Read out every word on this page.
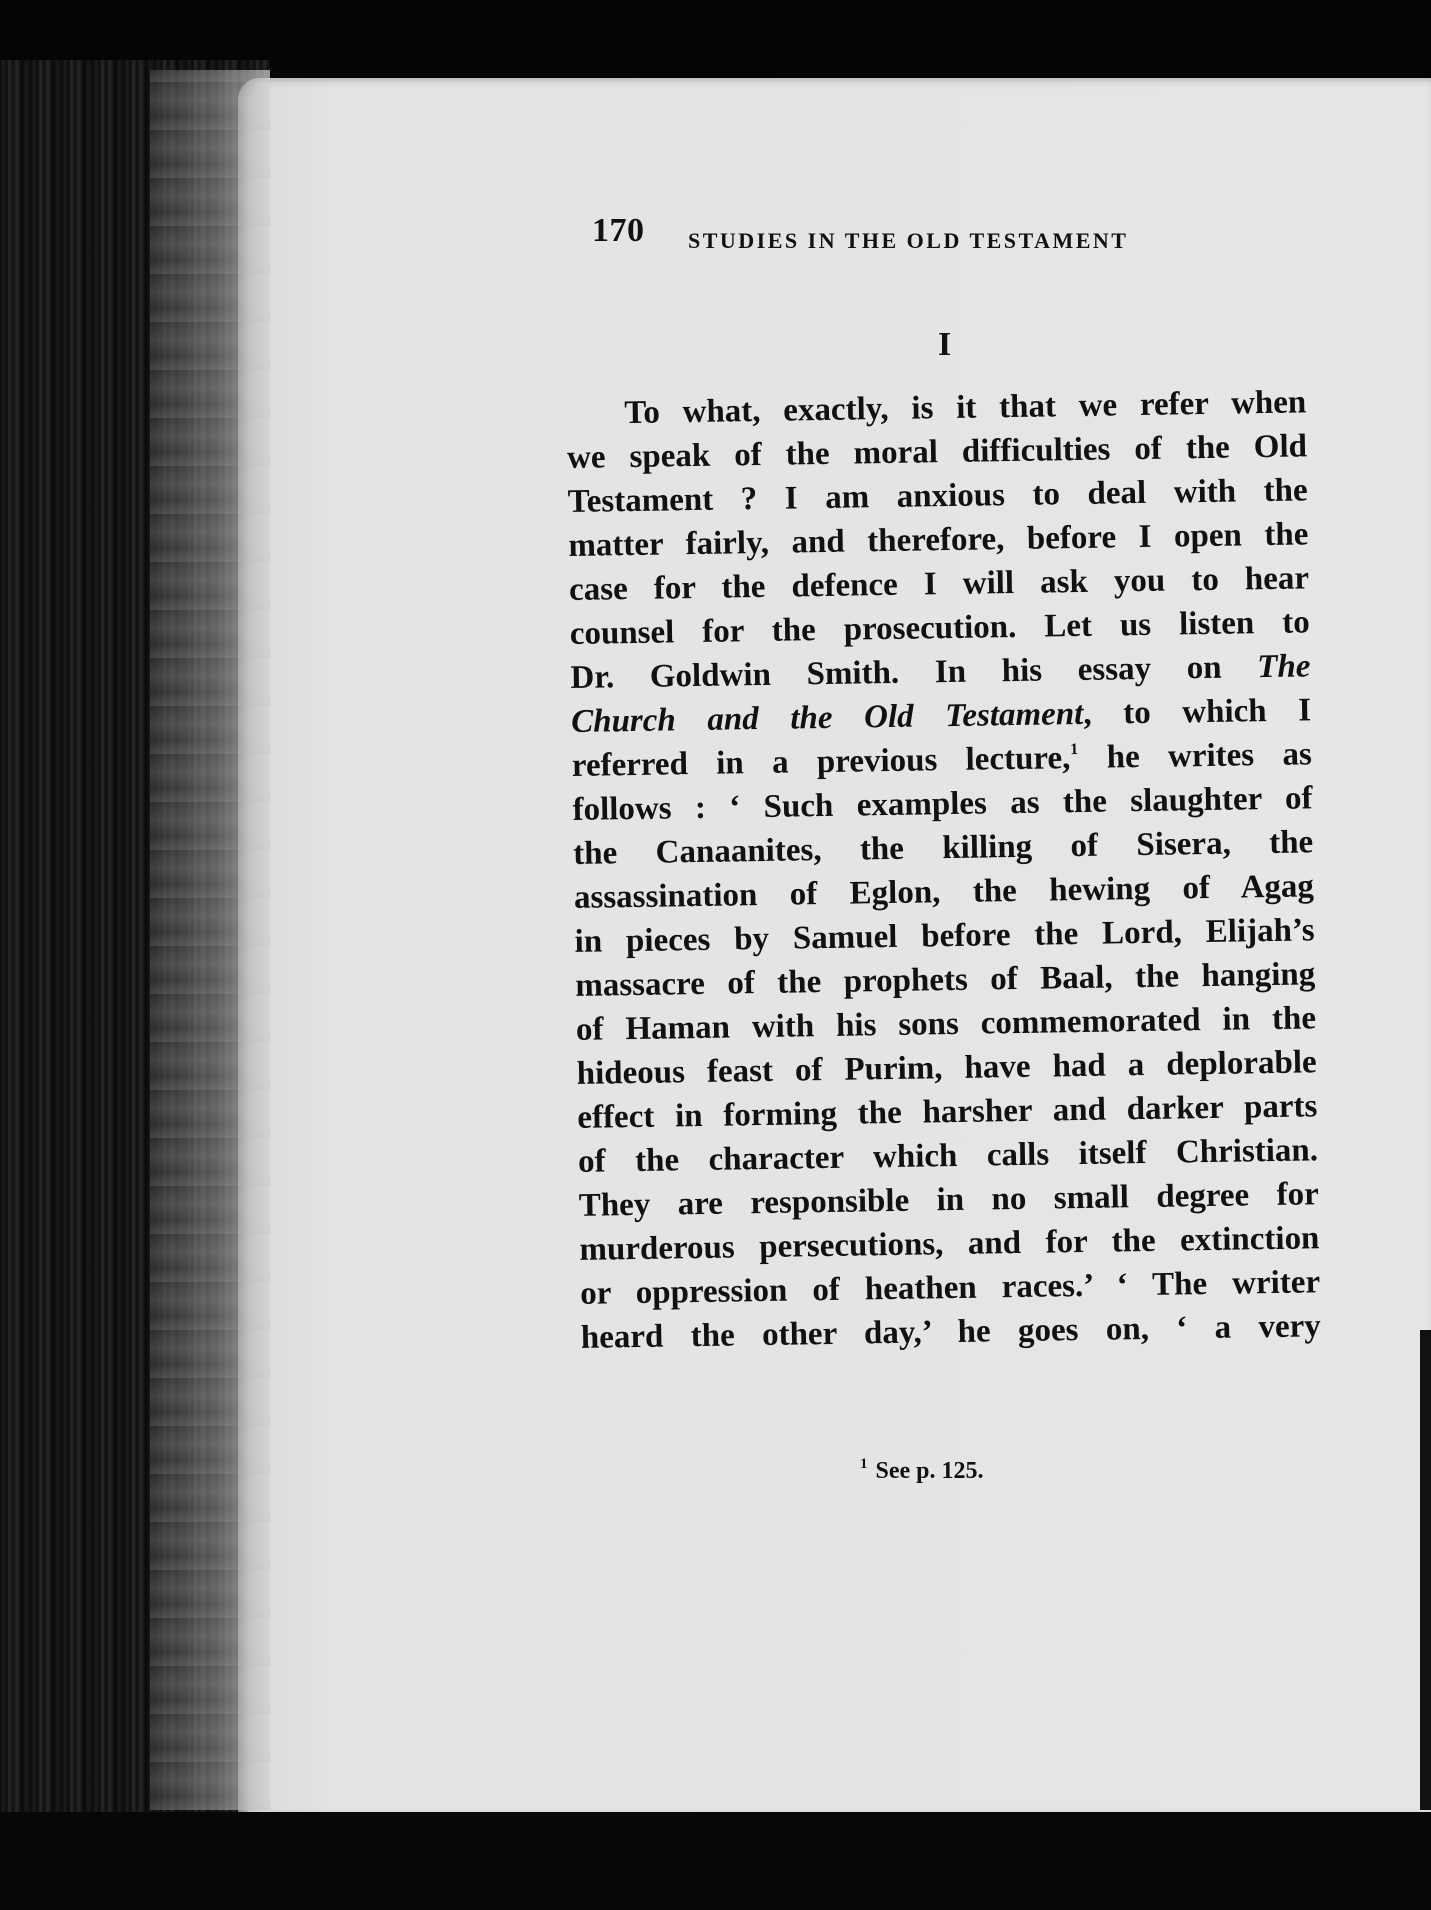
170 STUDIES IN THE OLD TESTAMENT
I
To what, exactly, is it that we refer when
we speak of the moral difficulties of the Old
Testament ? I am anxious to deal with the
matter fairly, and therefore, before I open the
case for the defence I will ask you to hear
counsel for the prosecution. Let us listen to
Dr. Goldwin Smith. In his essay on The
Church and the Old Testament, to which I
referred in a previous lecture,$^1$ he writes as
follows : ‘ Such examples as the slaughter of
the Canaanites, the killing of Sisera, the
assassination of Eglon, the hewing of Agag
in pieces by Samuel before the Lord, Elijah’s
massacre of the prophets of Baal, the hanging
of Haman with his sons commemorated in the
hideous feast of Purim, have had a deplorable
effect in forming the harsher and darker parts
of the character which calls itself Christian.
They are responsible in no small degree for
murderous persecutions, and for the extinction
or oppression of heathen races.’ ‘ The writer
heard the other day,’ he goes on, ‘ a very
$^1$ See p. 125.
